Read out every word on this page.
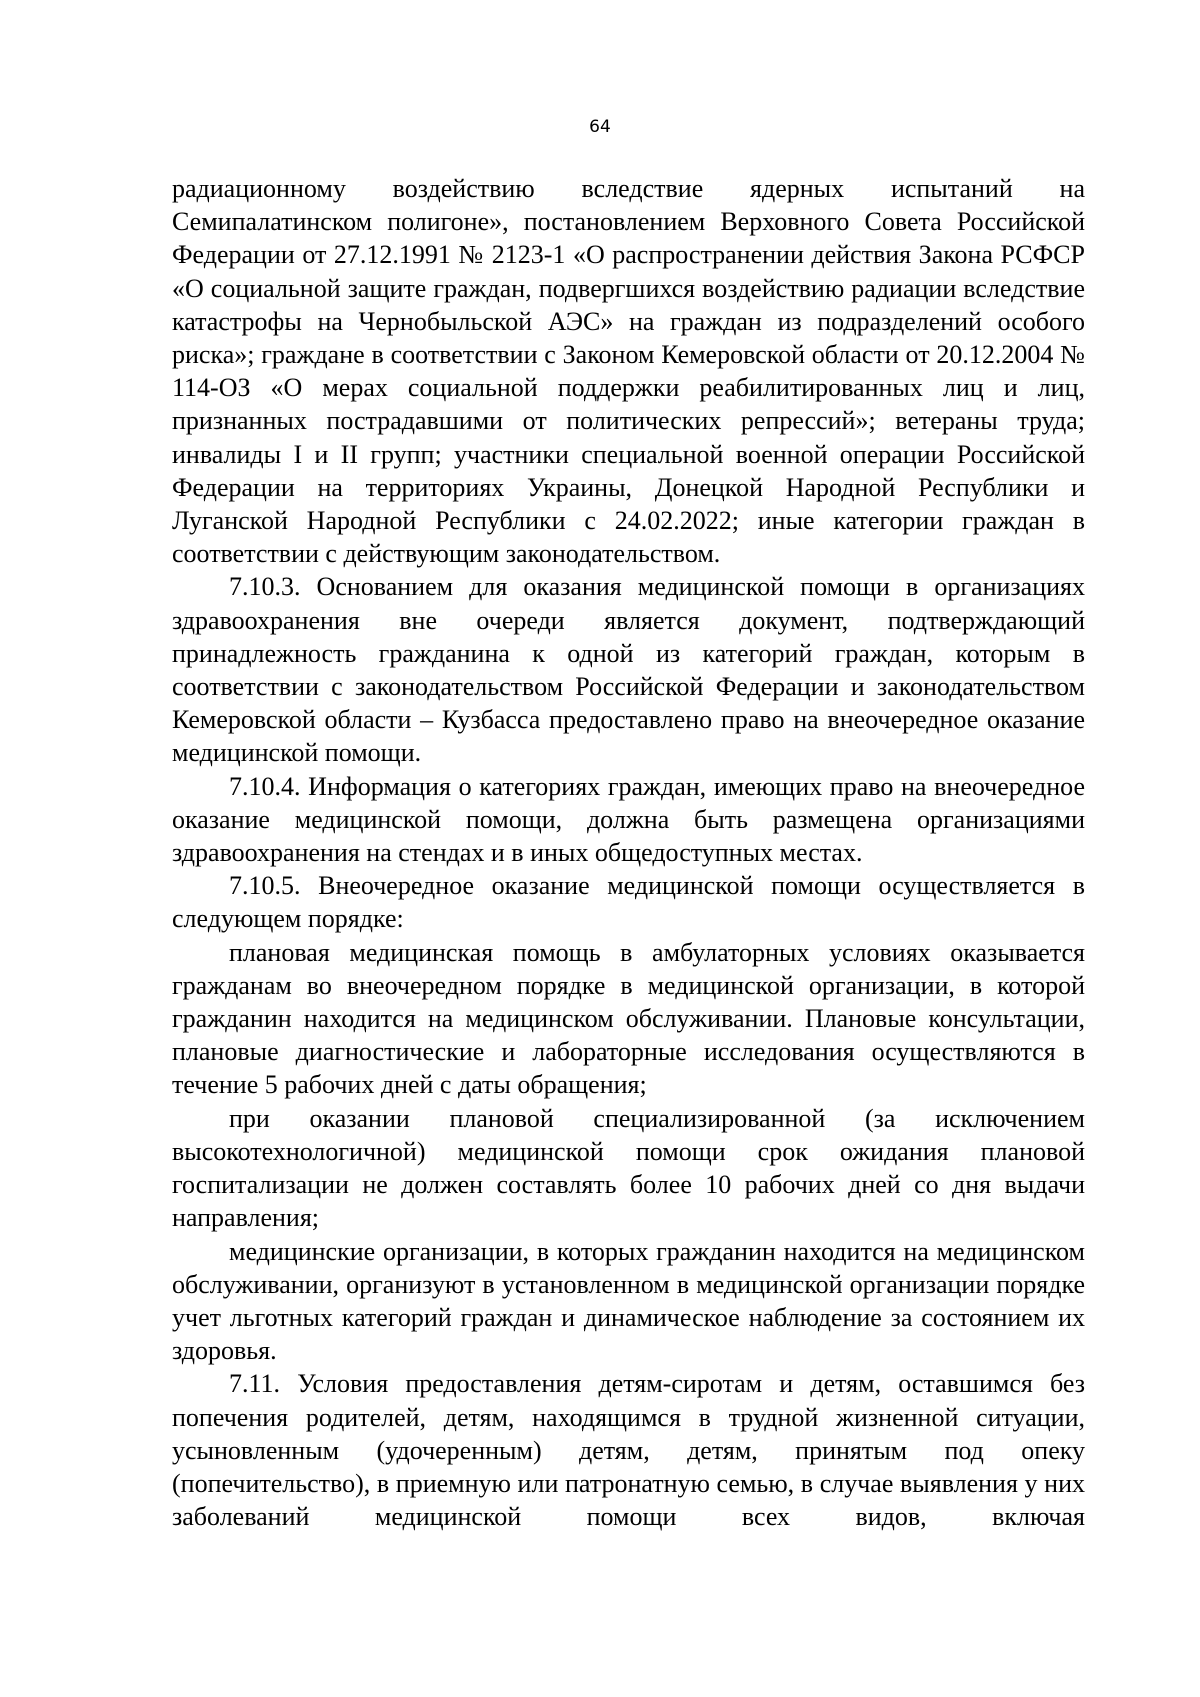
64

радиационному воздействию вследствие ядерных испытаний на Семипалатинском полигоне», постановлением Верховного Совета Российской Федерации от 27.12.1991 № 2123-1 «О распространении действия Закона РСФСР «О социальной защите граждан, подвергшихся воздействию радиации вследствие катастрофы на Чернобыльской АЭС» на граждан из подразделений особого риска»; граждане в соответствии с Законом Кемеровской области от 20.12.2004 № 114-ОЗ «О мерах социальной поддержки реабилитированных лиц и лиц, признанных пострадавшими от политических репрессий»; ветераны труда; инвалиды I и II групп; участники специальной военной операции Российской Федерации на территориях Украины, Донецкой Народной Республики и Луганской Народной Республики с 24.02.2022; иные категории граждан в соответствии с действующим законодательством.

7.10.3. Основанием для оказания медицинской помощи в организациях здравоохранения вне очереди является документ, подтверждающий принадлежность гражданина к одной из категорий граждан, которым в соответствии с законодательством Российской Федерации и законодательством Кемеровской области – Кузбасса предоставлено право на внеочередное оказание медицинской помощи.

7.10.4. Информация о категориях граждан, имеющих право на внеочередное оказание медицинской помощи, должна быть размещена организациями здравоохранения на стендах и в иных общедоступных местах.

7.10.5. Внеочередное оказание медицинской помощи осуществляется в следующем порядке:

плановая медицинская помощь в амбулаторных условиях оказывается гражданам во внеочередном порядке в медицинской организации, в которой гражданин находится на медицинском обслуживании. Плановые консультации, плановые диагностические и лабораторные исследования осуществляются в течение 5 рабочих дней с даты обращения;

при оказании плановой специализированной (за исключением высокотехнологичной) медицинской помощи срок ожидания плановой госпитализации не должен составлять более 10 рабочих дней со дня выдачи направления;

медицинские организации, в которых гражданин находится на медицинском обслуживании, организуют в установленном в медицинской организации порядке учет льготных категорий граждан и динамическое наблюдение за состоянием их здоровья.

7.11. Условия предоставления детям-сиротам и детям, оставшимся без попечения родителей, детям, находящимся в трудной жизненной ситуации, усыновленным (удочеренным) детям, детям, принятым под опеку (попечительство), в приемную или патронатную семью, в случае выявления у них заболеваний медицинской помощи всех видов, включая
